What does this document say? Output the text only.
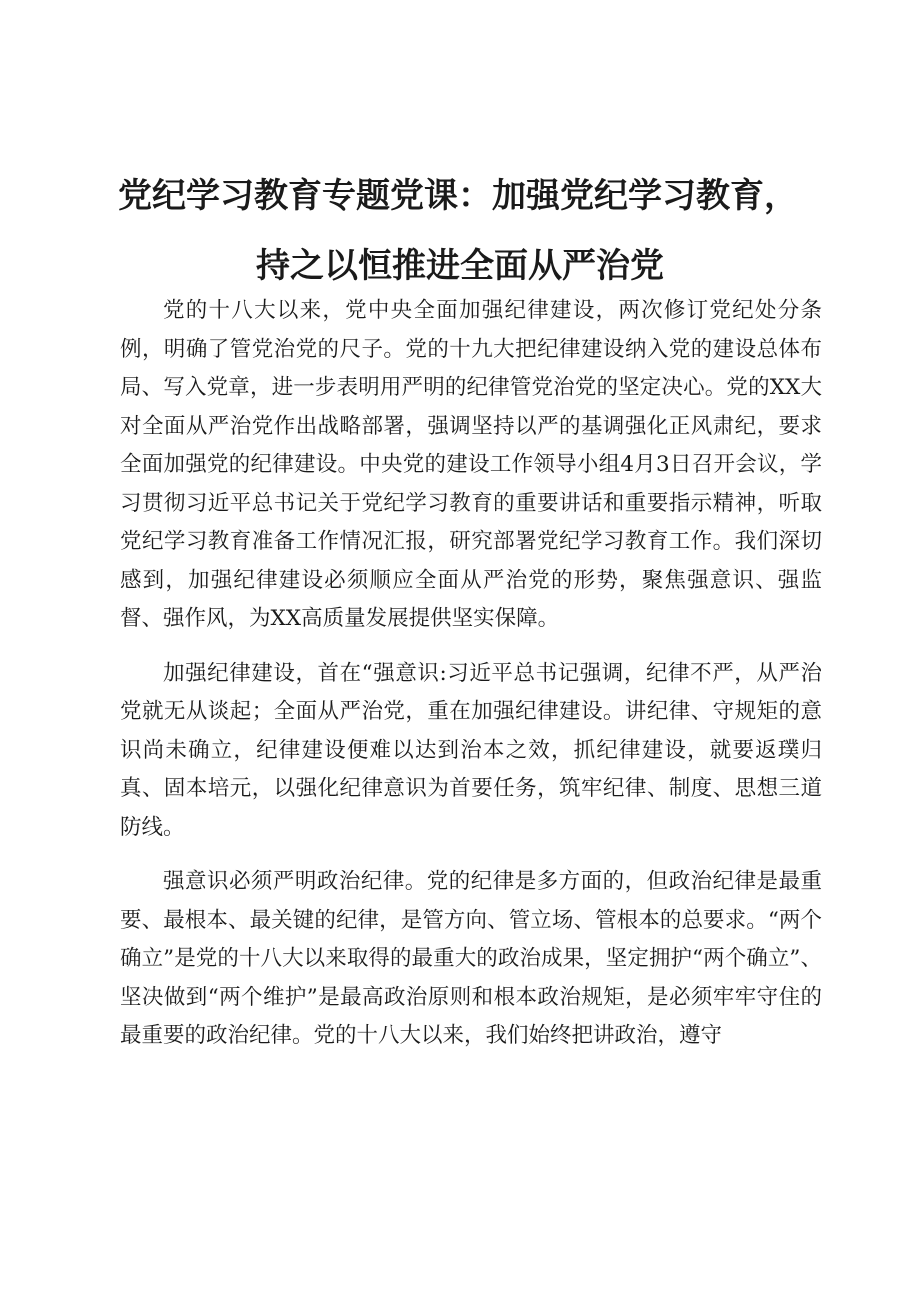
党纪学习教育专题党课：加强党纪学习教育，
持之以恒推进全面从严治党

党的十八大以来，党中央全面加强纪律建设，两次修订党纪处分条例，明确了管党治党的尺子。党的十九大把纪律建设纳入党的建设总体布局、写入党章，进一步表明用严明的纪律管党治党的坚定决心。党的XX大对全面从严治党作出战略部署，强调坚持以严的基调强化正风肃纪，要求全面加强党的纪律建设。中央党的建设工作领导小组4月3日召开会议，学习贯彻习近平总书记关于党纪学习教育的重要讲话和重要指示精神，听取党纪学习教育准备工作情况汇报，研究部署党纪学习教育工作。我们深切感到，加强纪律建设必须顺应全面从严治党的形势，聚焦强意识、强监督、强作风，为XX高质量发展提供坚实保障。

加强纪律建设，首在“强意识:习近平总书记强调，纪律不严，从严治党就无从谈起；全面从严治党，重在加强纪律建设。讲纪律、守规矩的意识尚未确立，纪律建设便难以达到治本之效，抓纪律建设，就要返璞归真、固本培元，以强化纪律意识为首要任务，筑牢纪律、制度、思想三道防线。

强意识必须严明政治纪律。党的纪律是多方面的，但政治纪律是最重要、最根本、最关键的纪律，是管方向、管立场、管根本的总要求。“两个确立”是党的十八大以来取得的最重大的政治成果，坚定拥护“两个确立”、坚决做到“两个维护”是最高政治原则和根本政治规矩，是必须牢牢守住的最重要的政治纪律。党的十八大以来，我们始终把讲政治，遵守
